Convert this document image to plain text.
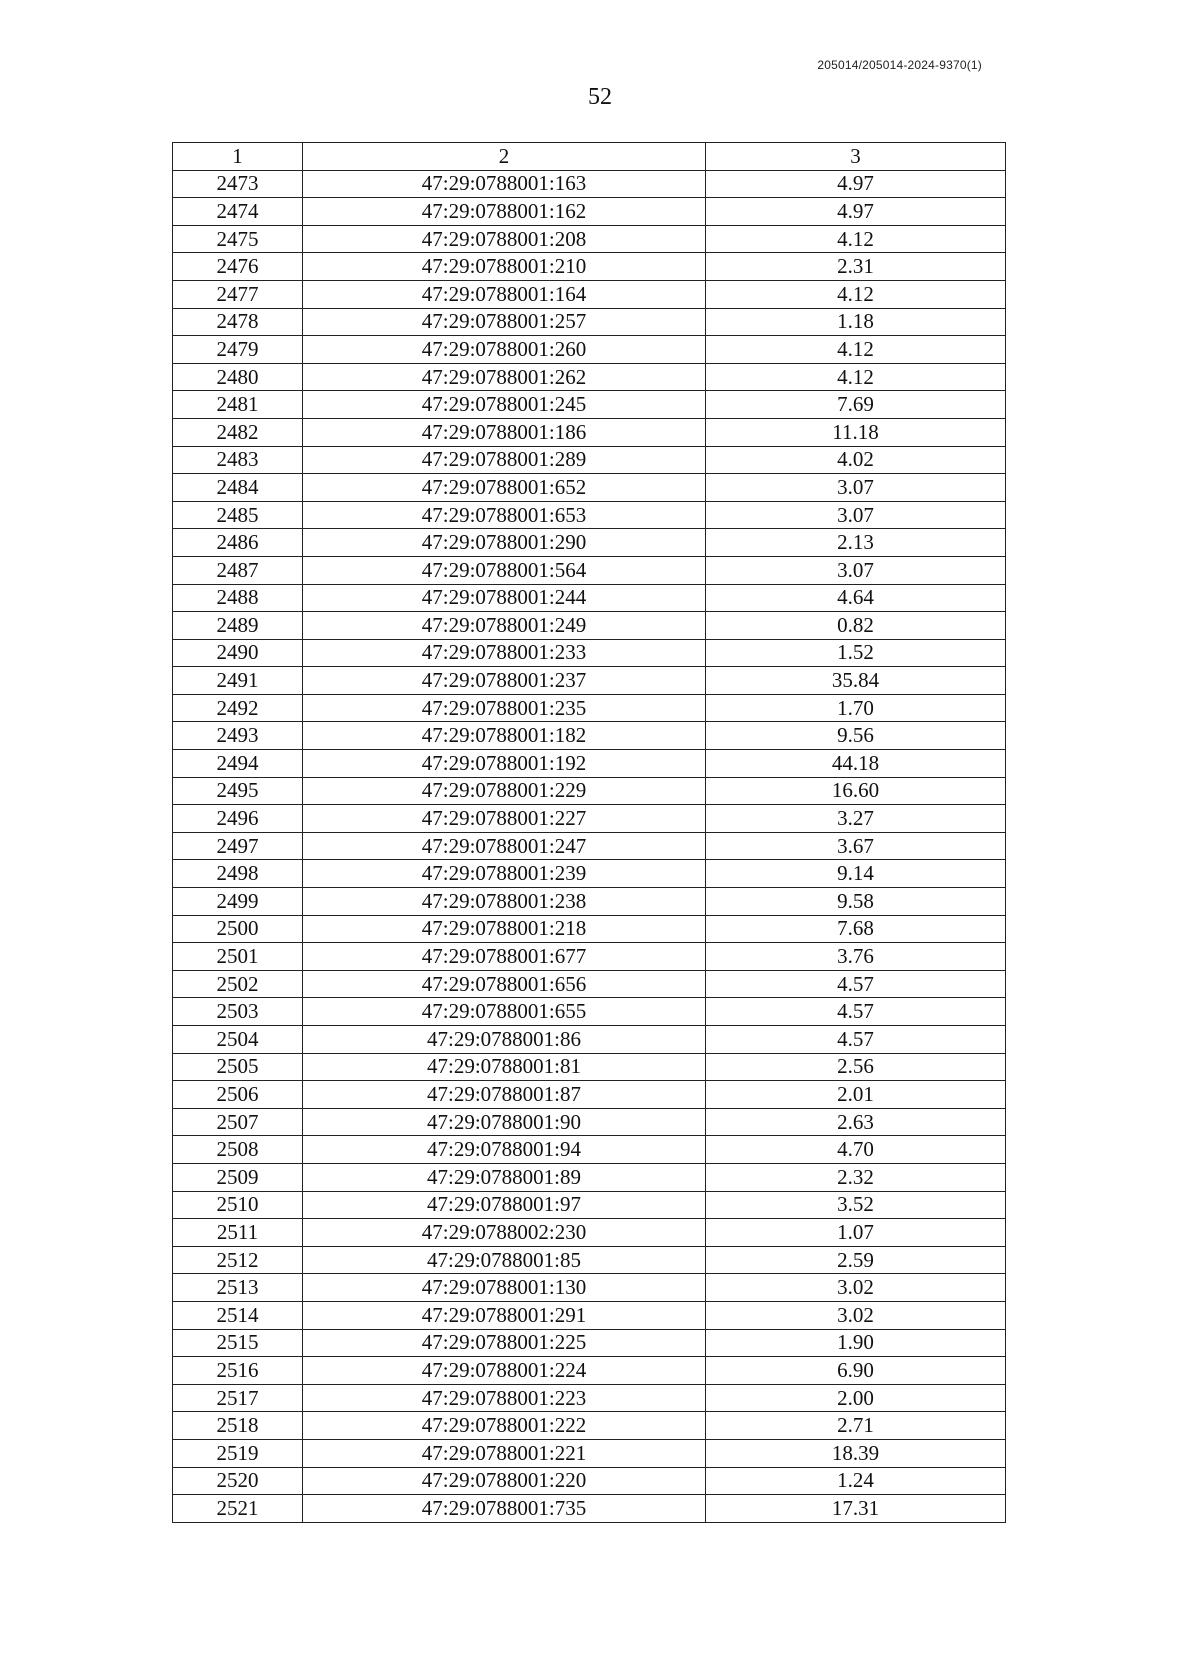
205014/205014-2024-9370(1)
52
1	2	3
2473	47:29:0788001:163	4.97
2474	47:29:0788001:162	4.97
2475	47:29:0788001:208	4.12
2476	47:29:0788001:210	2.31
2477	47:29:0788001:164	4.12
2478	47:29:0788001:257	1.18
2479	47:29:0788001:260	4.12
2480	47:29:0788001:262	4.12
2481	47:29:0788001:245	7.69
2482	47:29:0788001:186	11.18
2483	47:29:0788001:289	4.02
2484	47:29:0788001:652	3.07
2485	47:29:0788001:653	3.07
2486	47:29:0788001:290	2.13
2487	47:29:0788001:564	3.07
2488	47:29:0788001:244	4.64
2489	47:29:0788001:249	0.82
2490	47:29:0788001:233	1.52
2491	47:29:0788001:237	35.84
2492	47:29:0788001:235	1.70
2493	47:29:0788001:182	9.56
2494	47:29:0788001:192	44.18
2495	47:29:0788001:229	16.60
2496	47:29:0788001:227	3.27
2497	47:29:0788001:247	3.67
2498	47:29:0788001:239	9.14
2499	47:29:0788001:238	9.58
2500	47:29:0788001:218	7.68
2501	47:29:0788001:677	3.76
2502	47:29:0788001:656	4.57
2503	47:29:0788001:655	4.57
2504	47:29:0788001:86	4.57
2505	47:29:0788001:81	2.56
2506	47:29:0788001:87	2.01
2507	47:29:0788001:90	2.63
2508	47:29:0788001:94	4.70
2509	47:29:0788001:89	2.32
2510	47:29:0788001:97	3.52
2511	47:29:0788002:230	1.07
2512	47:29:0788001:85	2.59
2513	47:29:0788001:130	3.02
2514	47:29:0788001:291	3.02
2515	47:29:0788001:225	1.90
2516	47:29:0788001:224	6.90
2517	47:29:0788001:223	2.00
2518	47:29:0788001:222	2.71
2519	47:29:0788001:221	18.39
2520	47:29:0788001:220	1.24
2521	47:29:0788001:735	17.31
